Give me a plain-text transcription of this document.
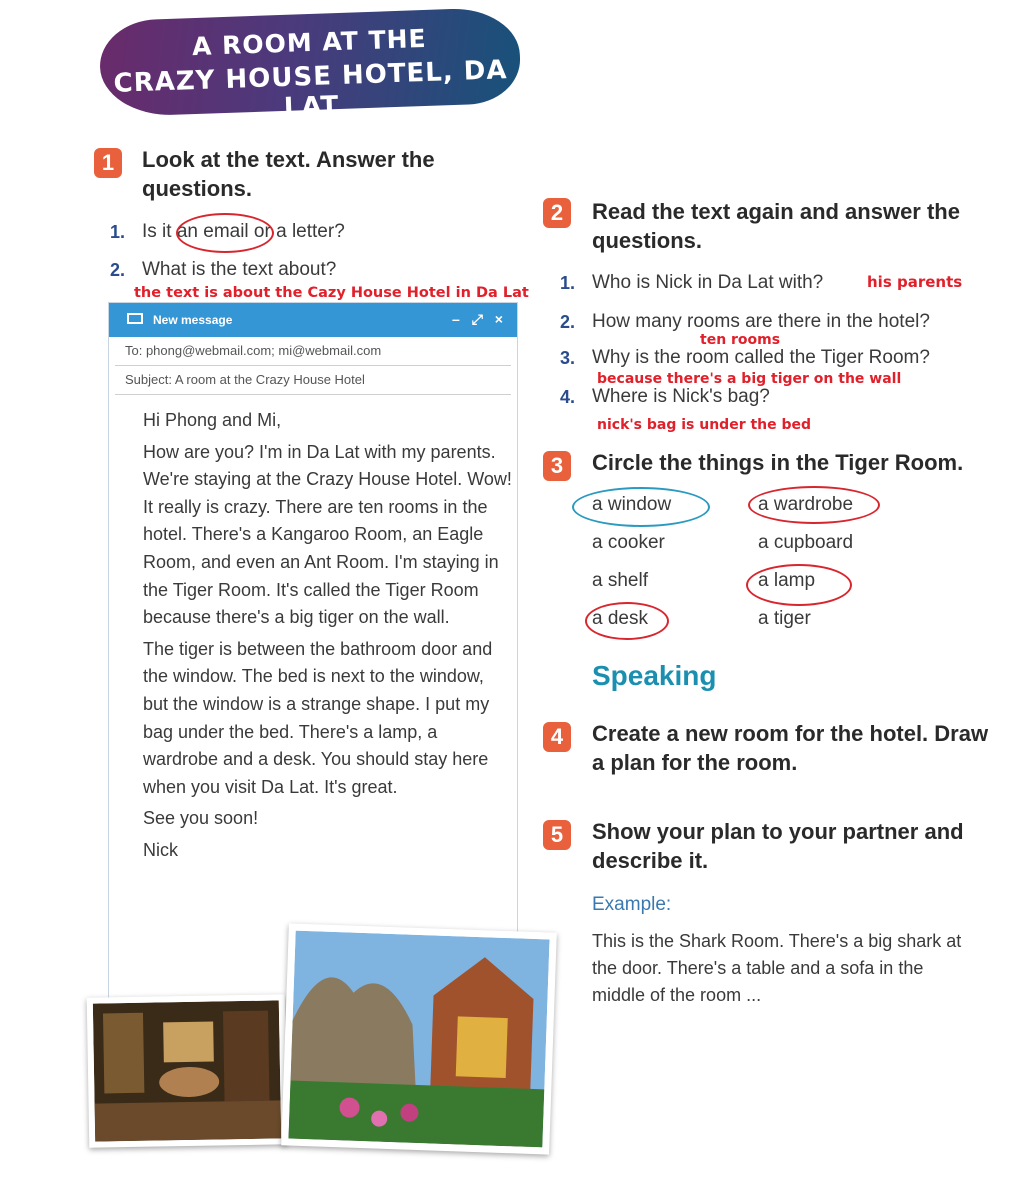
A ROOM AT THE
CRAZY HOUSE HOTEL, DA LAT
1	Look at the text. Answer the questions.
1. Is it an email or a letter?
2. What is the text about?
the text is about the Cazy House Hotel in Da Lat
New message	– ⤢ ×
To: phong@webmail.com; mi@webmail.com
Subject: A room at the Crazy House Hotel

Hi Phong and Mi,

How are you? I'm in Da Lat with my parents. We're staying at the Crazy House Hotel. Wow! It really is crazy. There are ten rooms in the hotel. There's a Kangaroo Room, an Eagle Room, and even an Ant Room. I'm staying in the Tiger Room. It's called the Tiger Room because there's a big tiger on the wall.

The tiger is between the bathroom door and the window. The bed is next to the window, but the window is a strange shape. I put my bag under the bed. There's a lamp, a wardrobe and a desk. You should stay here when you visit Da Lat. It's great.

See you soon!

Nick

2	Read the text again and answer the questions.
1. Who is Nick in Da Lat with?	his parents
2. How many rooms are there in the hotel?
ten rooms
3. Why is the room called the Tiger Room?
because there's a big tiger on the wall
4. Where is Nick's bag?
nick's bag is under the bed
3	Circle the things in the Tiger Room.
a window	a wardrobe
a cooker	a cupboard
a shelf	a lamp
a desk	a tiger
Speaking
4	Create a new room for the hotel. Draw a plan for the room.
5	Show your plan to your partner and describe it.
Example:
This is the Shark Room. There's a big shark at the door. There's a table and a sofa in the middle of the room ...
